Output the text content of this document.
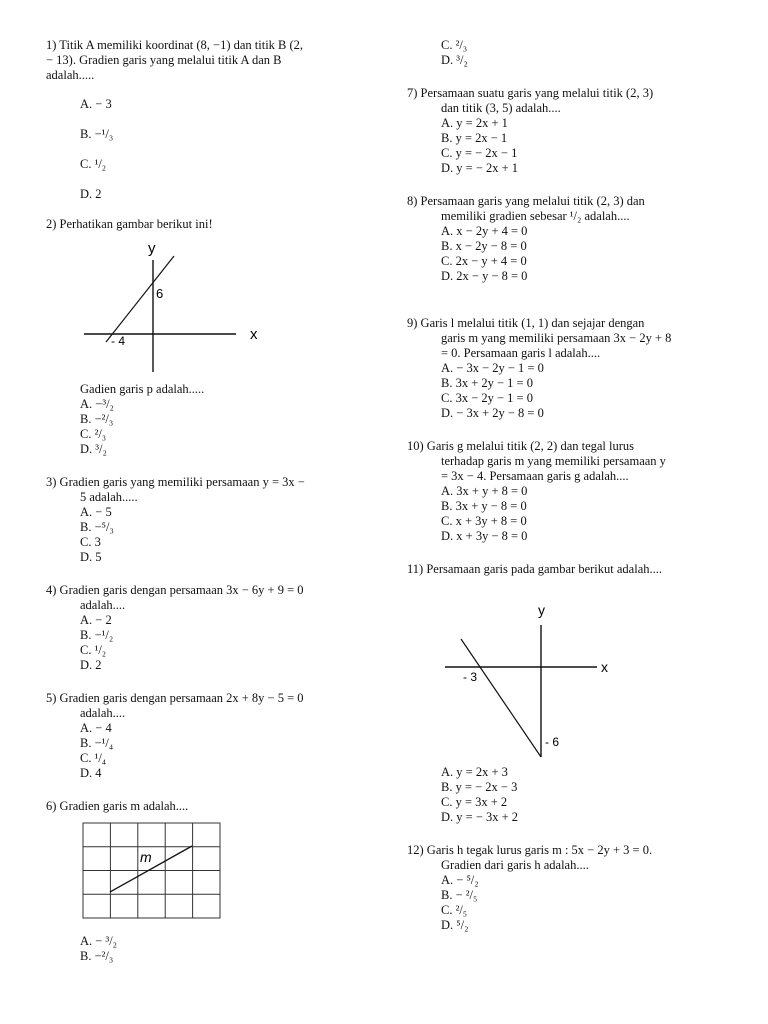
1) Titik A memiliki koordinat (8, −1) dan titik B (2,
− 13). Gradien garis yang melalui titik A dan B
adalah.....
A. − 3
B. −¹/₃
C. ¹/₂
D. 2
2) Perhatikan gambar berikut ini!
y
x
6
- 4
Gadien garis p adalah.....
A. −³/₂
B. −²/₃
C. ²/₃
D. ³/₂
3) Gradien garis yang memiliki persamaan y = 3x −
5 adalah.....
A. − 5
B. −⁵/₃
C. 3
D. 5
4) Gradien garis dengan persamaan 3x − 6y + 9 = 0
adalah....
A. − 2
B. −¹/₂
C. ¹/₂
D. 2
5) Gradien garis dengan persamaan 2x + 8y − 5 = 0
adalah....
A. − 4
B. −¹/₄
C. ¹/₄
D. 4
6) Gradien garis m adalah....
m
A. − ³/₂
B. −²/₃
C. ²/₃
D. ³/₂
7) Persamaan suatu garis yang melalui titik (2, 3)
dan titik (3, 5) adalah....
A. y = 2x + 1
B. y = 2x − 1
C. y = − 2x − 1
D. y = − 2x + 1
8) Persamaan garis yang melalui titik (2, 3) dan
memiliki gradien sebesar ¹/₂ adalah....
A. x − 2y + 4 = 0
B. x − 2y − 8 = 0
C. 2x − y + 4 = 0
D. 2x − y − 8 = 0
9) Garis l melalui titik (1, 1) dan sejajar dengan
garis m yang memiliki persamaan 3x − 2y + 8
= 0. Persamaan garis l adalah....
A. − 3x − 2y − 1 = 0
B. 3x + 2y − 1 = 0
C. 3x − 2y − 1 = 0
D. − 3x + 2y − 8 = 0
10) Garis g melalui titik (2, 2) dan tegal lurus
terhadap garis m yang memiliki persamaan y
= 3x − 4. Persamaan garis g adalah....
A. 3x + y + 8 = 0
B. 3x + y − 8 = 0
C. x + 3y + 8 = 0
D. x + 3y − 8 = 0
11) Persamaan garis pada gambar berikut adalah....
y
x
- 3
- 6
A. y = 2x + 3
B. y = − 2x − 3
C. y = 3x + 2
D. y = − 3x + 2
12) Garis h tegak lurus garis m : 5x − 2y + 3 = 0.
Gradien dari garis h adalah....
A. − ⁵/₂
B. − ²/₅
C. ²/₅
D. ⁵/₂
